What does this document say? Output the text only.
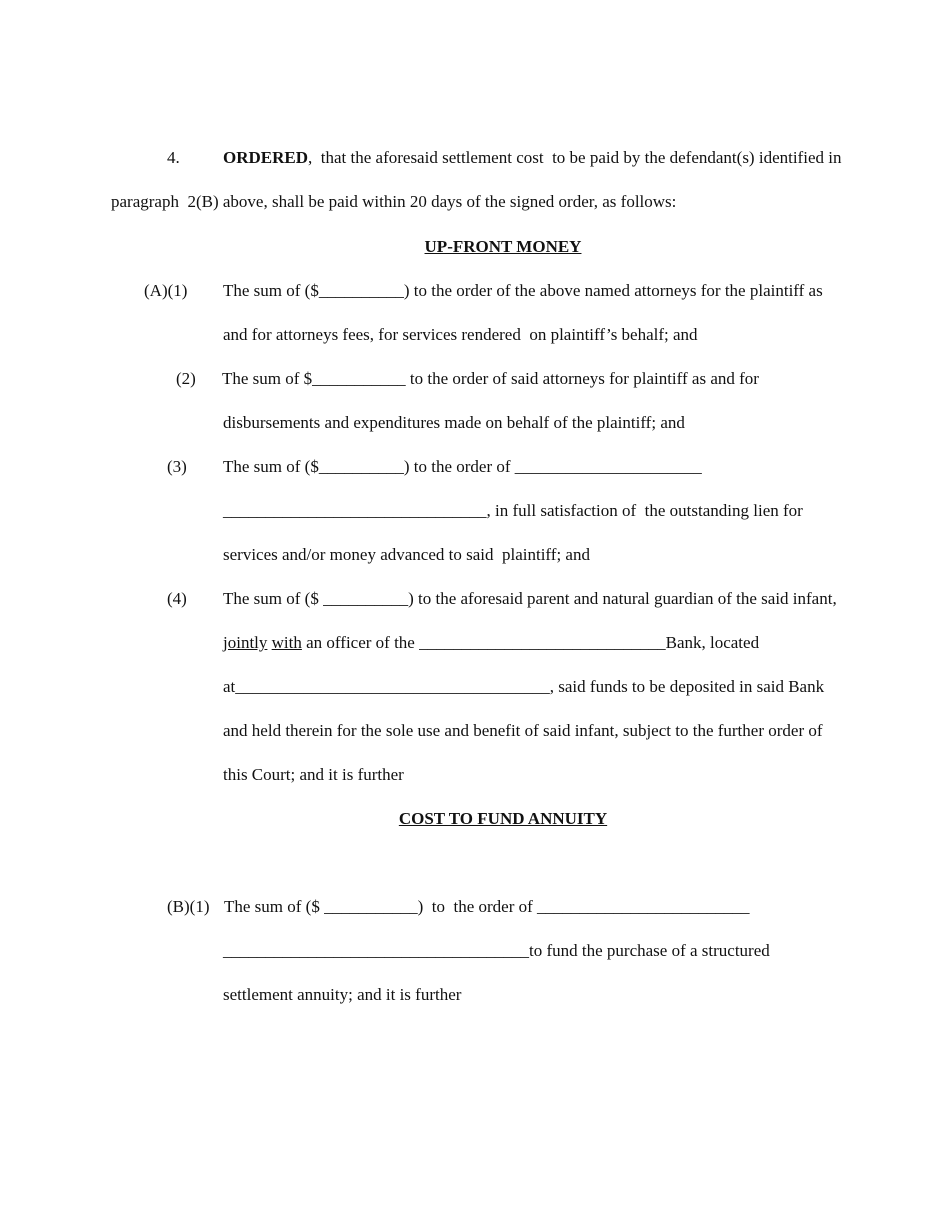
4.	ORDERED,  that the aforesaid settlement cost  to be paid by the defendant(s) identified in
paragraph  2(B) above, shall be paid within 20 days of the signed order, as follows:
UP-FRONT MONEY
(A)(1) The sum of ($__________) to the order of the above named attorneys for the plaintiff as
and for attorneys fees, for services rendered  on plaintiff’s behalf; and
(2) The sum of $___________ to the order of said attorneys for plaintiff as and for
disbursements and expenditures made on behalf of the plaintiff; and
(3) The sum of ($__________) to the order of ______________________
_______________________________, in full satisfaction of  the outstanding lien for
services and/or money advanced to said  plaintiff; and
(4) The sum of ($ __________) to the aforesaid parent and natural guardian of the said infant,
jointly with an officer of the _____________________________Bank, located
at_____________________________________, said funds to be deposited in said Bank
and held therein for the sole use and benefit of said infant, subject to the further order of
this Court; and it is further
COST TO FUND ANNUITY
(B)(1) The sum of ($ ___________)  to  the order of _________________________
____________________________________to fund the purchase of a structured
settlement annuity; and it is further
